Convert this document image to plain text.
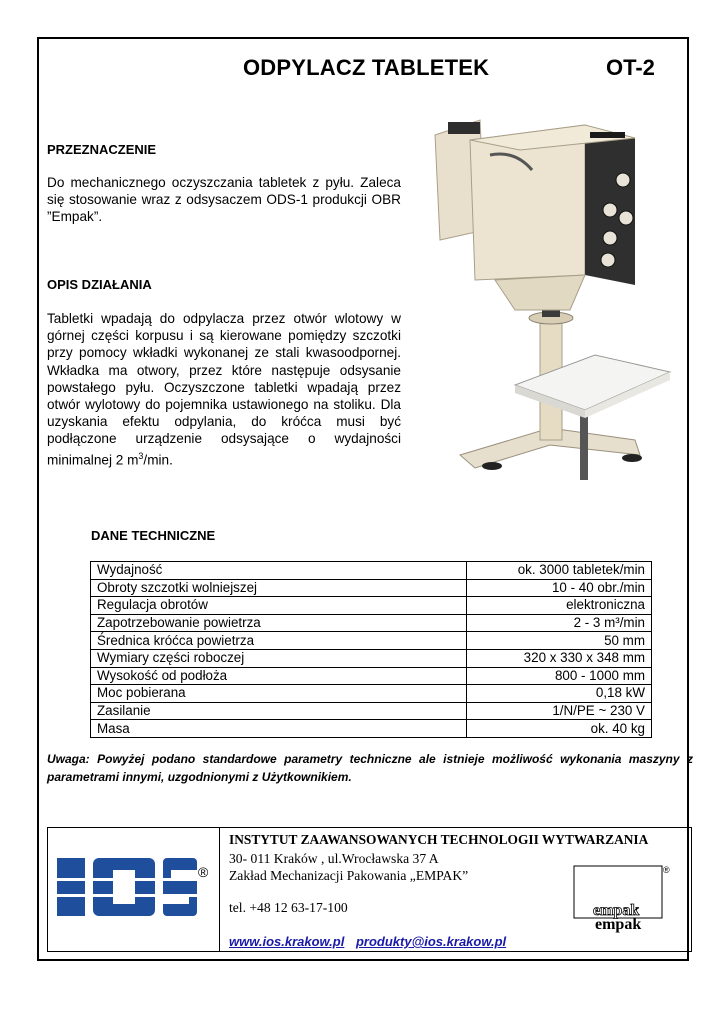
ODPYLACZ TABLETEK	OT-2
PRZEZNACZENIE
Do mechanicznego oczyszczania tabletek z pyłu. Zaleca się stosowanie wraz z odsysaczem ODS-1 produkcji OBR ”Empak”.
OPIS DZIAŁANIA
Tabletki wpadają do odpylacza przez otwór wlotowy w górnej części korpusu i są kierowane pomiędzy szczotki przy pomocy wkładki wykonanej ze stali kwasoodpornej. Wkładka ma otwory, przez które następuje odsysanie powstałego pyłu. Oczyszczone tabletki wpadają przez otwór wylotowy do pojemnika ustawionego na stoliku. Dla uzyskania efektu odpylania, do króćca musi być podłączone urządzenie odsysające o wydajności minimalnej 2 $m^3/\min$.
DANE TECHNICZNE
Wydajność	ok. 3000 tabletek/min
Obroty szczotki wolniejszej	10 - 40 obr./min
Regulacja obrotów	elektroniczna
Zapotrzebowanie powietrza	2 - 3 m³/min
Średnica króćca powietrza	50 mm
Wymiary części roboczej	320 x 330 x 348 mm
Wysokość od podłoża	800 - 1000 mm
Moc pobierana	0,18 kW
Zasilanie	1/N/PE ~ 230 V
Masa	ok. 40 kg
Uwaga: Powyżej podano standardowe parametry techniczne ale istnieje możliwość wykonania maszyny z parametrami innymi, uzgodnionymi z Użytkownikiem.
®
INSTYTUT ZAAWANSOWANYCH TECHNOLOGII WYTWARZANIA
30- 011 Kraków , ul.Wrocławska 37 A
Zakład Mechanizacji Pakowania „EMPAK”
tel. +48 12 63-17-100
www.ios.krakow.pl produkty@ios.krakow.pl
empak
empak
®
